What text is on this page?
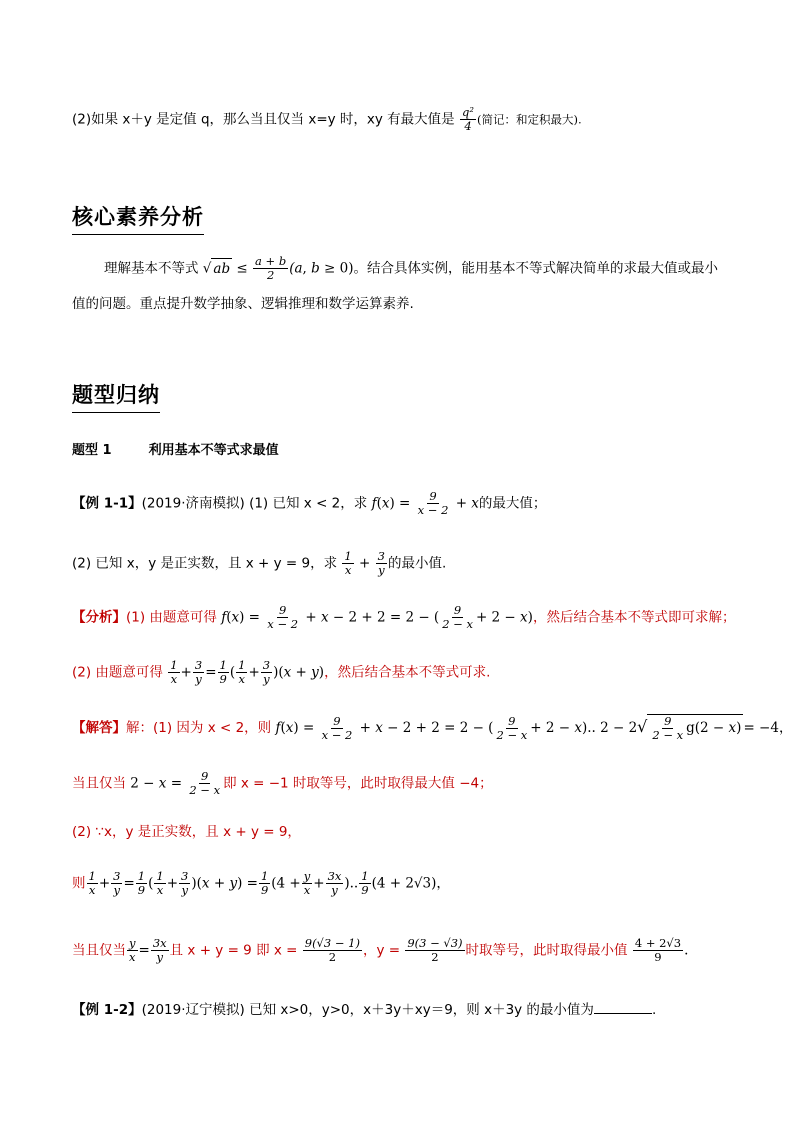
(2)如果 x＋y 是定值 q，那么当且仅当 x=y 时，xy 有最大值是 $\frac{\text{q²}}{4}$ (简记：和定积最大).
核心素养分析
理解基本不等式 √ ab ≤ $\frac{a + b}{2} (a$, b ≥ 0)。结合具体实例，能用基本不等式解决简单的求最大值或最小
值的问题。重点提升数学抽象、逻辑推理和数学运算素养.
题型归纳
题型 1	利用基本不等式求最值
【例 1-1】(2019·济南模拟) (1) 已知 x < 2，求 $f(x) = \frac{9}{x - 2} + x$的最大值；
(2) 已知 x，y 是正实数，且 x + y = 9，求 $\frac{1}{x} + \frac{3}{y}$ 的最小值.
【分析】(1) 由题意可得 $f(x) = \frac{9}{x - 2} + x - 2 + 2 = 2$ − ( $\frac{9}{2 - x} + 2 - x$)，然后结合基本不等式即可求解；
(2) 由题意可得 $\frac{1}{x} + \frac{3}{y} = \frac{1}{9}$ ( $\frac{1}{x} + \frac{3}{y} )(x + y)$，然后结合基本不等式可求.
【解答】解：(1) 因为 x < 2，则 $f(x) = \frac{9}{x - 2} + x - 2 + 2 = 2$ − ( $\frac{9}{2 - x} + 2 - x$).. $2 - 2√ \frac{9}{2 - x} g(2 - x) = -4$，
当且仅当 $2 - x = \frac{9}{2 - x}$ 即 x = −1 时取等号，此时取得最大值 −4；
(2) ∵x，y 是正实数，且 x + y = 9，
则 $\frac{1}{x} + \frac{3}{y} = \frac{1}{9}$ ( $\frac{1}{x} + \frac{3}{y} )(x + y) = \frac{1}{9} (4 + \frac{y}{x} + \frac{3x}{y}$ ).. $\frac{1}{9} (4 + 2√3)$，
当且仅当 $\frac{y}{x} = \frac{3x}{y}$ 且 x + y = 9 即 $x = \frac{9(√3 - 1)}{2}$ ，$y = \frac{9(3 - √3)}{2}$ 时取等号，此时取得最小值 $\frac{4 + 2√3}{9}$ .
【例 1-2】(2019·辽宁模拟) 已知 x>0，y>0，x＋3y＋xy＝9，则 x＋3y 的最小值为	.
